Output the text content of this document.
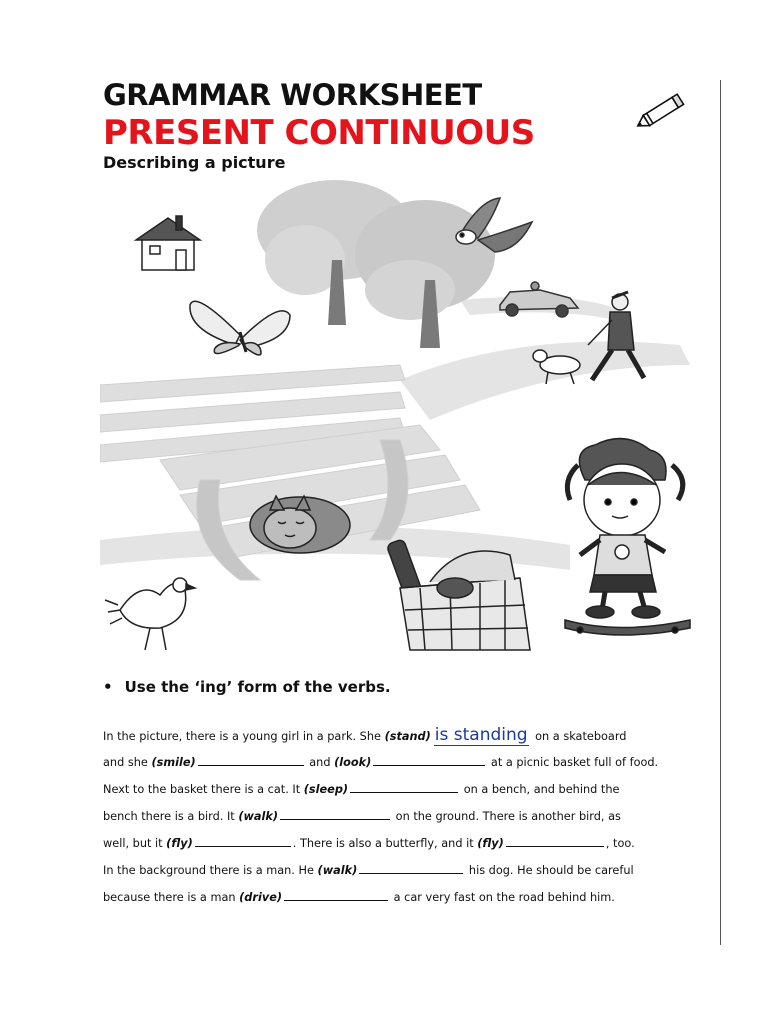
GRAMMAR WORKSHEET
PRESENT CONTINUOUS
Describing a picture
• Use the ‘ing’ form of the verbs.
In the picture, there is a young girl in a park. She (stand) is standing on a skateboard
and she (smile)	and (look)	at a picnic basket full of food.
Next to the basket there is a cat. It (sleep)	on a bench, and behind the
bench there is a bird. It (walk)	on the ground. There is another bird, as
well, but it (fly)	. There is also a butterfly, and it (fly)	, too.
In the background there is a man. He (walk)	his dog. He should be careful
because there is a man (drive)	a car very fast on the road behind him.
